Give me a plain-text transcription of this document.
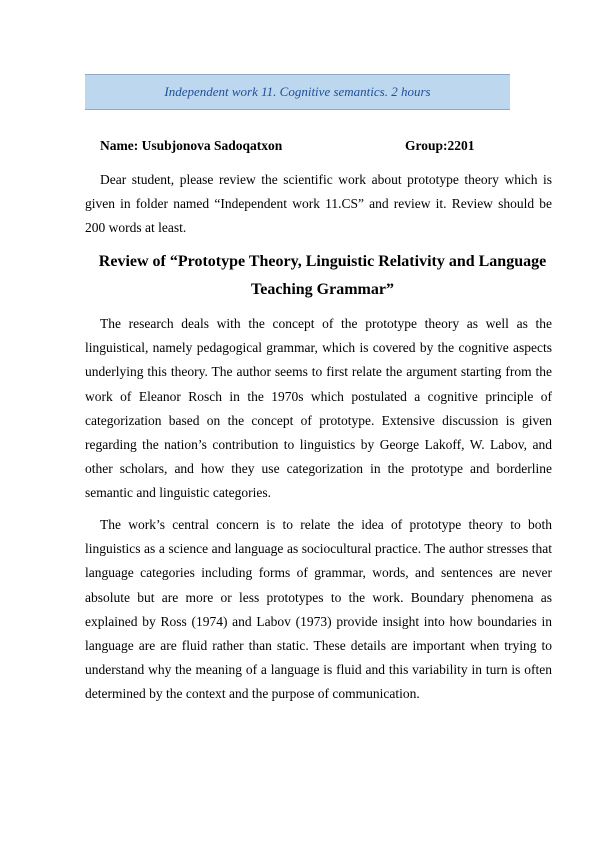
Independent work 11. Cognitive semantics. 2 hours
Name: Usubjonova Sadoqatxon	Group:2201

Dear student, please review the scientific work about prototype theory which is given in folder named “Independent work 11.CS” and review it. Review should be 200 words at least.

Review of “Prototype Theory, Linguistic Relativity and Language Teaching Grammar”

The research deals with the concept of the prototype theory as well as the linguistical, namely pedagogical grammar, which is covered by the cognitive aspects underlying this theory. The author seems to first relate the argument starting from the work of Eleanor Rosch in the 1970s which postulated a cognitive principle of categorization based on the concept of prototype. Extensive discussion is given regarding the nation’s contribution to linguistics by George Lakoff, W. Labov, and other scholars, and how they use categorization in the prototype and borderline semantic and linguistic categories.

The work’s central concern is to relate the idea of prototype theory to both linguistics as a science and language as sociocultural practice. The author stresses that language categories including forms of grammar, words, and sentences are never absolute but are more or less prototypes to the work. Boundary phenomena as explained by Ross (1974) and Labov (1973) provide insight into how boundaries in language are are fluid rather than static. These details are important when trying to understand why the meaning of a language is fluid and this variability in turn is often determined by the context and the purpose of communication.
